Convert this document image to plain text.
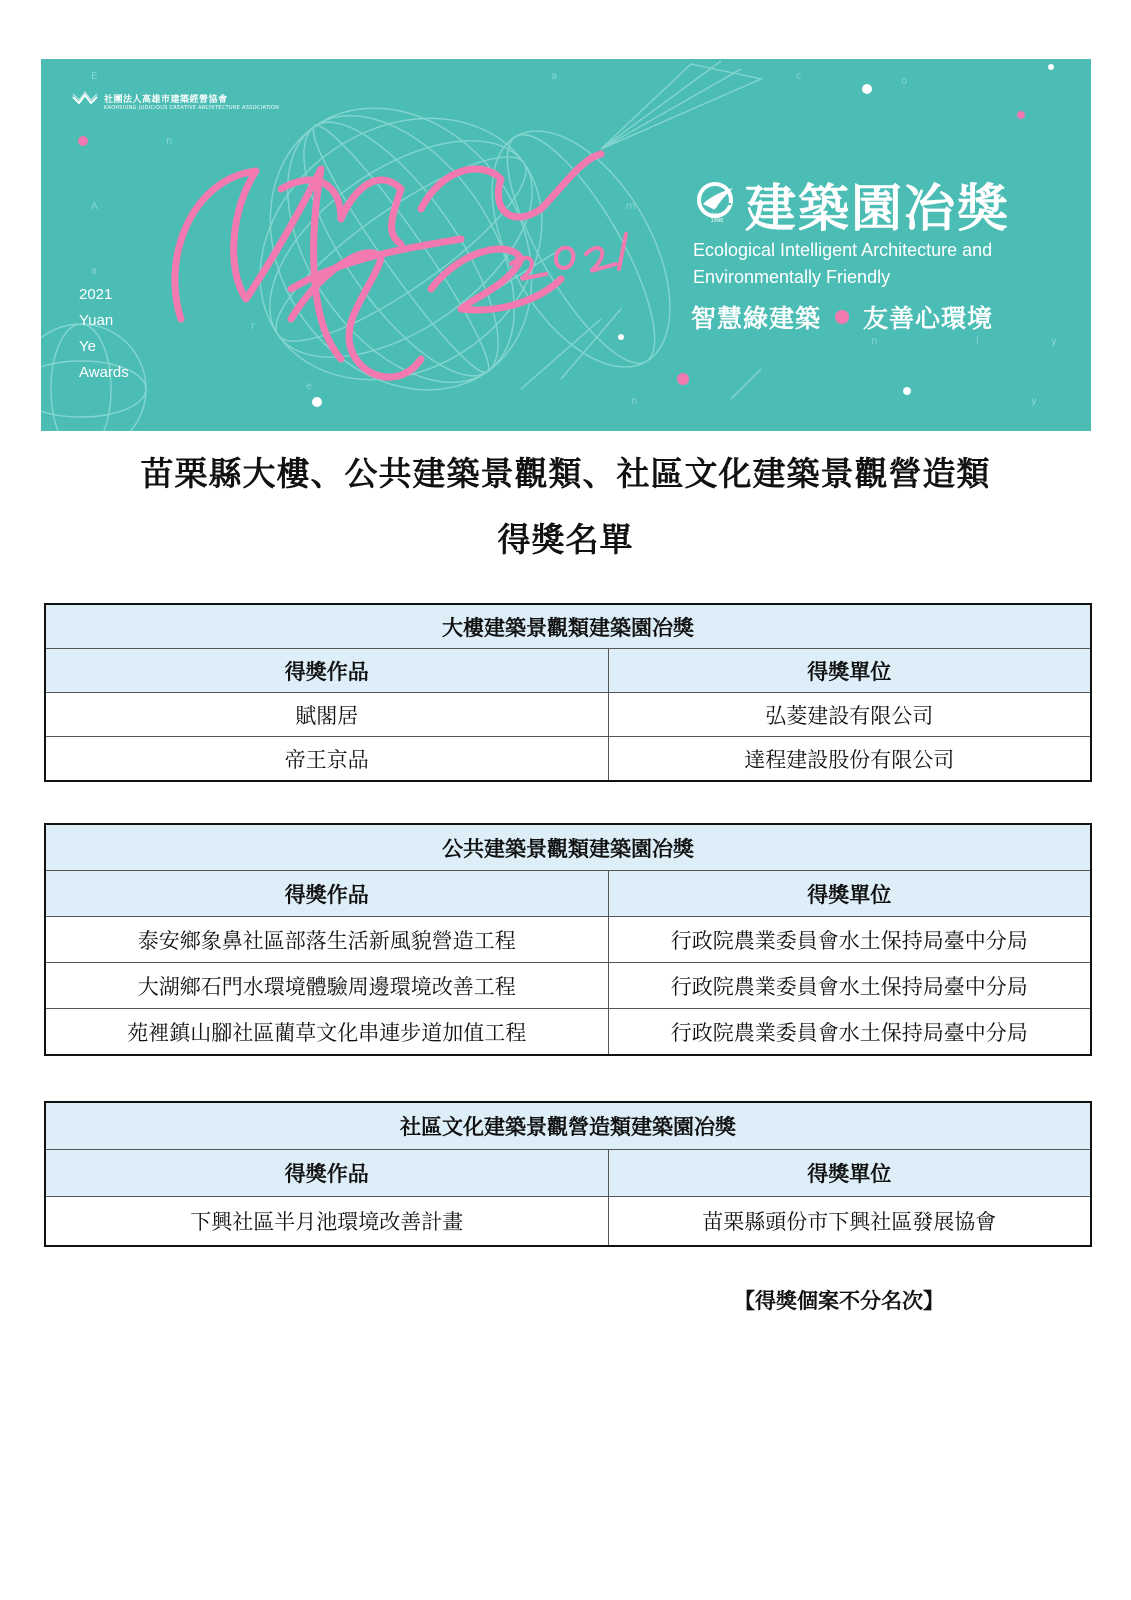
E
A
a
n
r
e
a
m
n
c	o
l
y
y
n
社團法人高雄市建築經營協會
KAOHSIUNG JUDICIOUS CREATIVE ARCHITECTURE ASSOCIATION
2021
Yuan
Ye
Awards
建築園冶獎
since
1996
Ecological Intelligent Architecture and
Environmentally Friendly
智慧綠建築 友善心環境
苗栗縣大樓、公共建築景觀類、社區文化建築景觀營造類
得獎名單
大樓建築景觀類建築園冶獎	
得獎作品	得獎單位
賦閣居	弘菱建設有限公司
帝王京品	達程建設股份有限公司
公共建築景觀類建築園冶獎	
得獎作品	得獎單位
泰安鄉象鼻社區部落生活新風貌營造工程	行政院農業委員會水土保持局臺中分局
大湖鄉石門水環境體驗周邊環境改善工程	行政院農業委員會水土保持局臺中分局
苑裡鎮山腳社區藺草文化串連步道加值工程	行政院農業委員會水土保持局臺中分局
社區文化建築景觀營造類建築園冶獎	
得獎作品	得獎單位
下興社區半月池環境改善計畫	苗栗縣頭份市下興社區發展協會
【得獎個案不分名次】
